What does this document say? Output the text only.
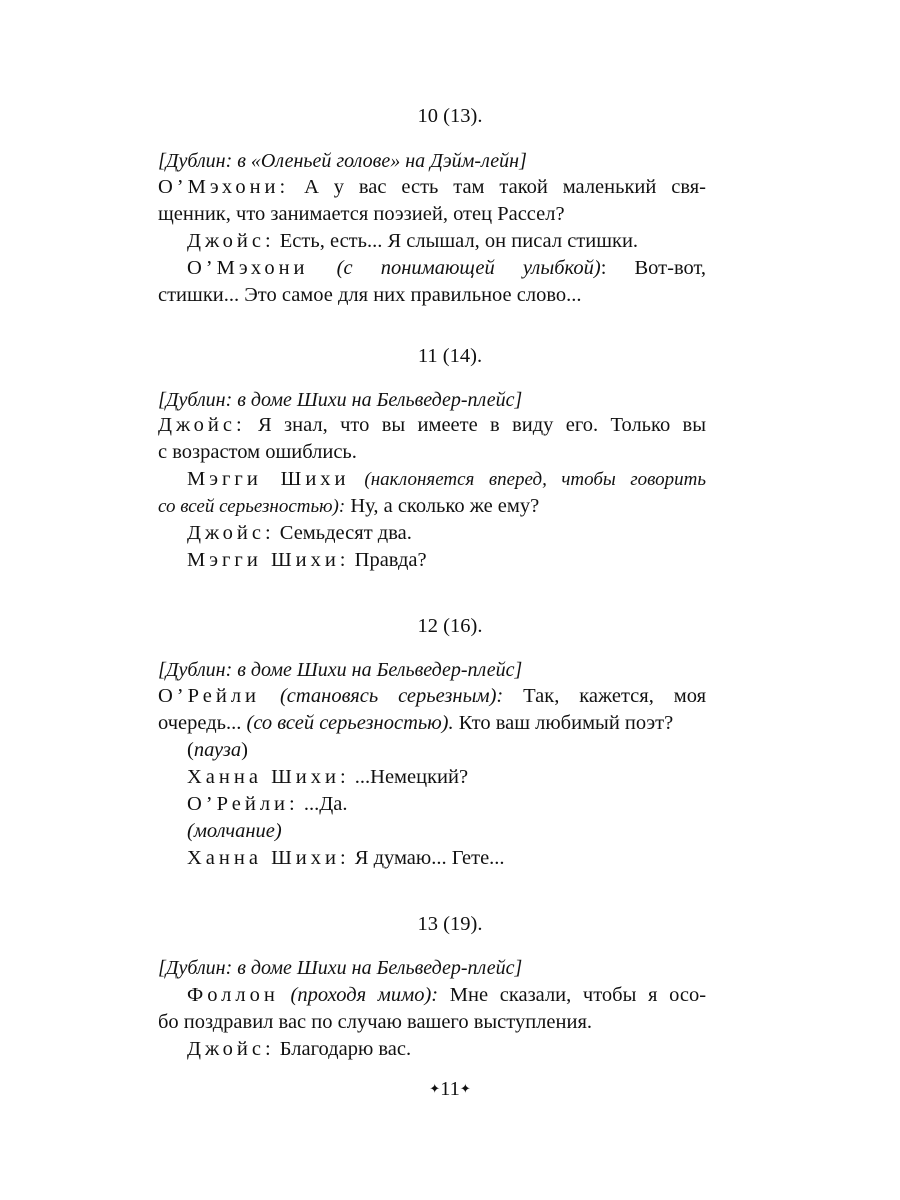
10 (13).
[Дублин: в «Оленьей голове» на Дэйм-лейн]
О’Мэхони: А у вас есть там такой маленький свя-
щенник, что занимается поэзией, отец Рассел?
Джойс: Есть, есть... Я слышал, он писал стишки.
О’Мэхони (с понимающей улыбкой): Вот-вот,
стишки... Это самое для них правильное слово...
11 (14).
[Дублин: в доме Шихи на Бельведер-плейс]
Джойс: Я знал, что вы имеете в виду его. Только вы
с возрастом ошиблись.
Мэгги Шихи (наклоняется вперед, чтобы говорить
со всей серьезностью): Ну, а сколько же ему?
Джойс: Семьдесят два.
Мэгги Шихи: Правда?
12 (16).
[Дублин: в доме Шихи на Бельведер-плейс]
О’Рейли (становясь серьезным): Так, кажется, моя
очередь... (со всей серьезностью). Кто ваш любимый поэт?
(пауза)
Ханна Шихи: ...Немецкий?
О’Рейли: ...Да.
(молчание)
Ханна Шихи: Я думаю... Гете...
13 (19).
[Дублин: в доме Шихи на Бельведер-плейс]
Фоллон (проходя мимо): Мне сказали, чтобы я осо-
бо поздравил вас по случаю вашего выступления.
Джойс: Благодарю вас.
✦11✦
